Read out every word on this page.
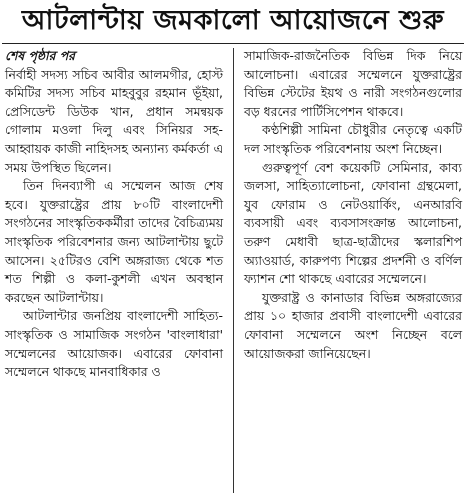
আটলান্টায় জমকালো আয়োজনে শুরু

শেষ পৃষ্ঠার পর

নির্বাহী সদস্য সচিব আবীর আলমগীর, হোস্ট কমিটির সদস্য সচিব মাহবুবুর রহমান ভূঁইয়া, প্রেসিডেন্ট ডিউক খান, প্রধান সমন্বয়ক গোলাম মওলা দিলু এবং সিনিয়র সহ-আহ্বায়ক কাজী নাহিদসহ অন্যান্য কর্মকর্তা এ সময় উপস্থিত ছিলেন।

তিন দিনব্যাপী এ সম্মেলন আজ শেষ হবে। যুক্তরাষ্ট্রের প্রায় ৮০টি বাংলাদেশী সংগঠনের সাংস্কৃতিককর্মীরা তাদের বৈচিত্র্যময় সাংস্কৃতিক পরিবেশনার জন্য আটলান্টায় ছুটে আসেন। ২৫টিরও বেশি অঙ্গরাজ্য থেকে শত শত শিল্পী ও কলা-কুশলী এখন অবস্থান করছেন আটলান্টায়।

আটলান্টার জনপ্রিয় বাংলাদেশী সাহিত্য-সাংস্কৃতিক ও সামাজিক সংগঠন 'বাংলাধারা' সম্মেলনের আয়োজক। এবারের ফোবানা সম্মেলনে থাকছে মানবাধিকার ও

সামাজিক-রাজনৈতিক বিভিন্ন দিক নিয়ে আলোচনা। এবারের সম্মেলনে যুক্তরাষ্ট্রের বিভিন্ন স্টেটের ইয়থ ও নারী সংগঠনগুলোর বড় ধরনের পার্টিসিপেশন থাকবে।

কণ্ঠশিল্পী সামিনা চৌধুরীর নেতৃত্বে একটি দল সাংস্কৃতিক পরিবেশনায় অংশ নিচ্ছেন।

গুরুত্বপূর্ণ বেশ কয়েকটি সেমিনার, কাব্য জলসা, সাহিত্যালোচনা, ফোবানা গ্রন্থমেলা, যুব ফোরাম ও নেটওয়ার্কিং, এনআরবি ব্যবসায়ী এবং ব্যবসাসংক্রান্ত আলোচনা, তরুণ মেধাবী ছাত্র-ছাত্রীদের স্কলারশিপ অ্যাওয়ার্ড, কারুপণ্য শিল্পের প্রদর্শনী ও বর্ণিল ফ্যাশন শো থাকছে এবারের সম্মেলনে।

যুক্তরাষ্ট্র ও কানাডার বিভিন্ন অঙ্গরাজ্যের প্রায় ১০ হাজার প্রবাসী বাংলাদেশী এবারের ফোবানা সম্মেলনে অংশ নিচ্ছেন বলে আয়োজকরা জানিয়েছেন।
